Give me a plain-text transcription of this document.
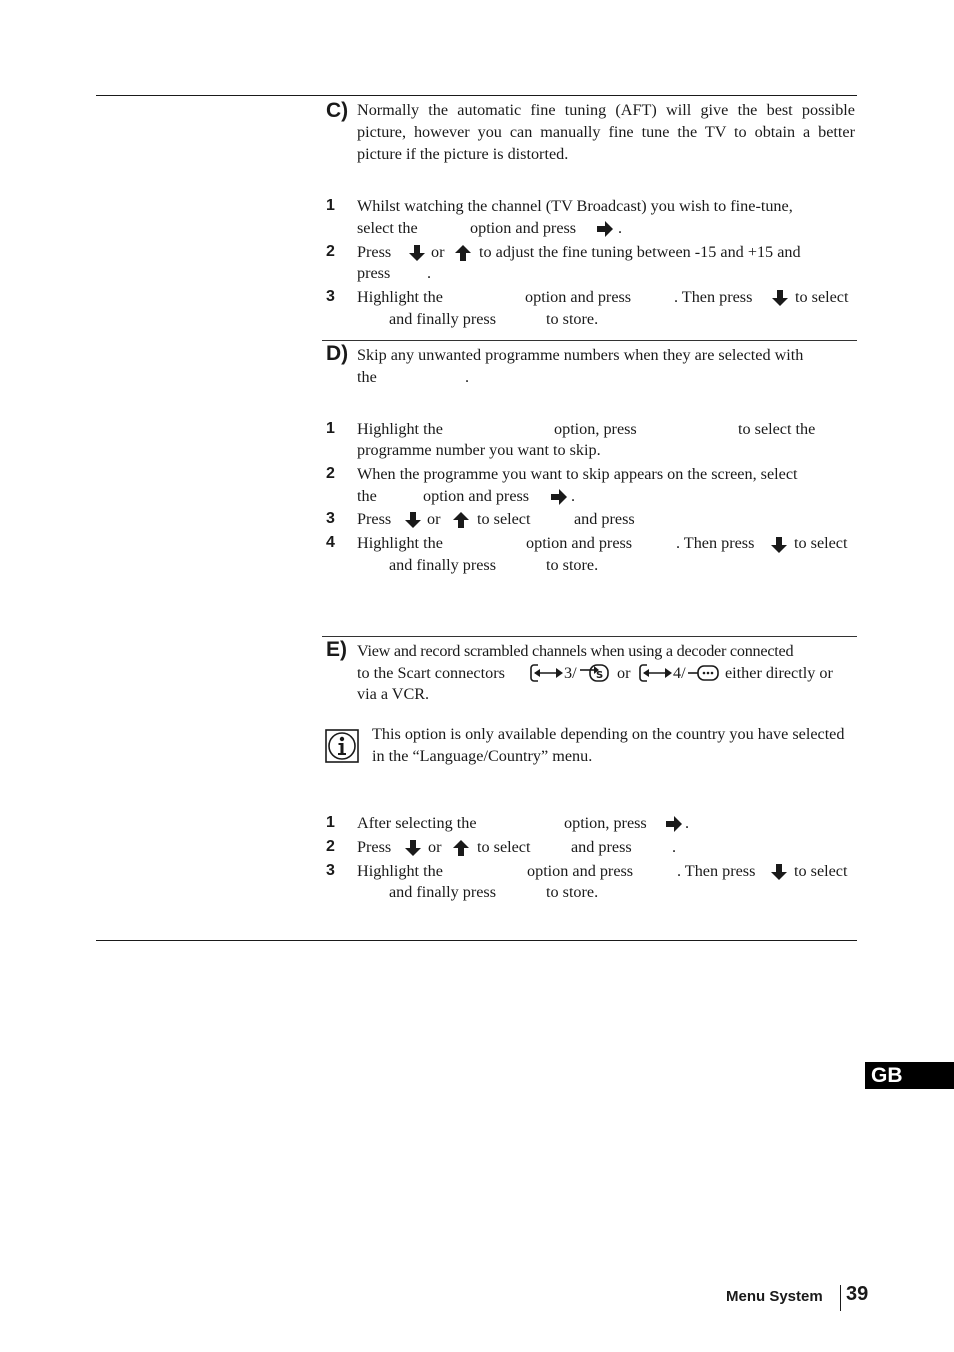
C) Normally the automatic fine tuning (AFT) will give the best possible picture, however you can manually fine tune the TV to obtain a better picture if the picture is distorted.
1 Whilst watching the channel (TV Broadcast) you wish to fine-tune,
select the	option and press	.
2 Press or to adjust the fine tuning between -15 and +15 and
press .
3 Highlight the	option and press	. Then press	to select
and finally press	to store.
D) Skip any unwanted programme numbers when they are selected with
the	.
1 Highlight the	option, press	to select the
programme number you want to skip.
2 When the programme you want to skip appears on the screen, select
the	option and press	.
3 Press or to select	and press
4 Highlight the	option and press	. Then press to select
and finally press	to store.
E) View and record scrambled channels when using a decoder connected
to the Scart connectors	3/ S or	4/ either directly or
via a VCR.
This option is only available depending on the country you have selected in the “Language/Country” menu.
1 After selecting the	option, press .
2 Press or to select	and press .
3 Highlight the	option and press	. Then press to select
and finally press	to store.
GB
Menu System 39
